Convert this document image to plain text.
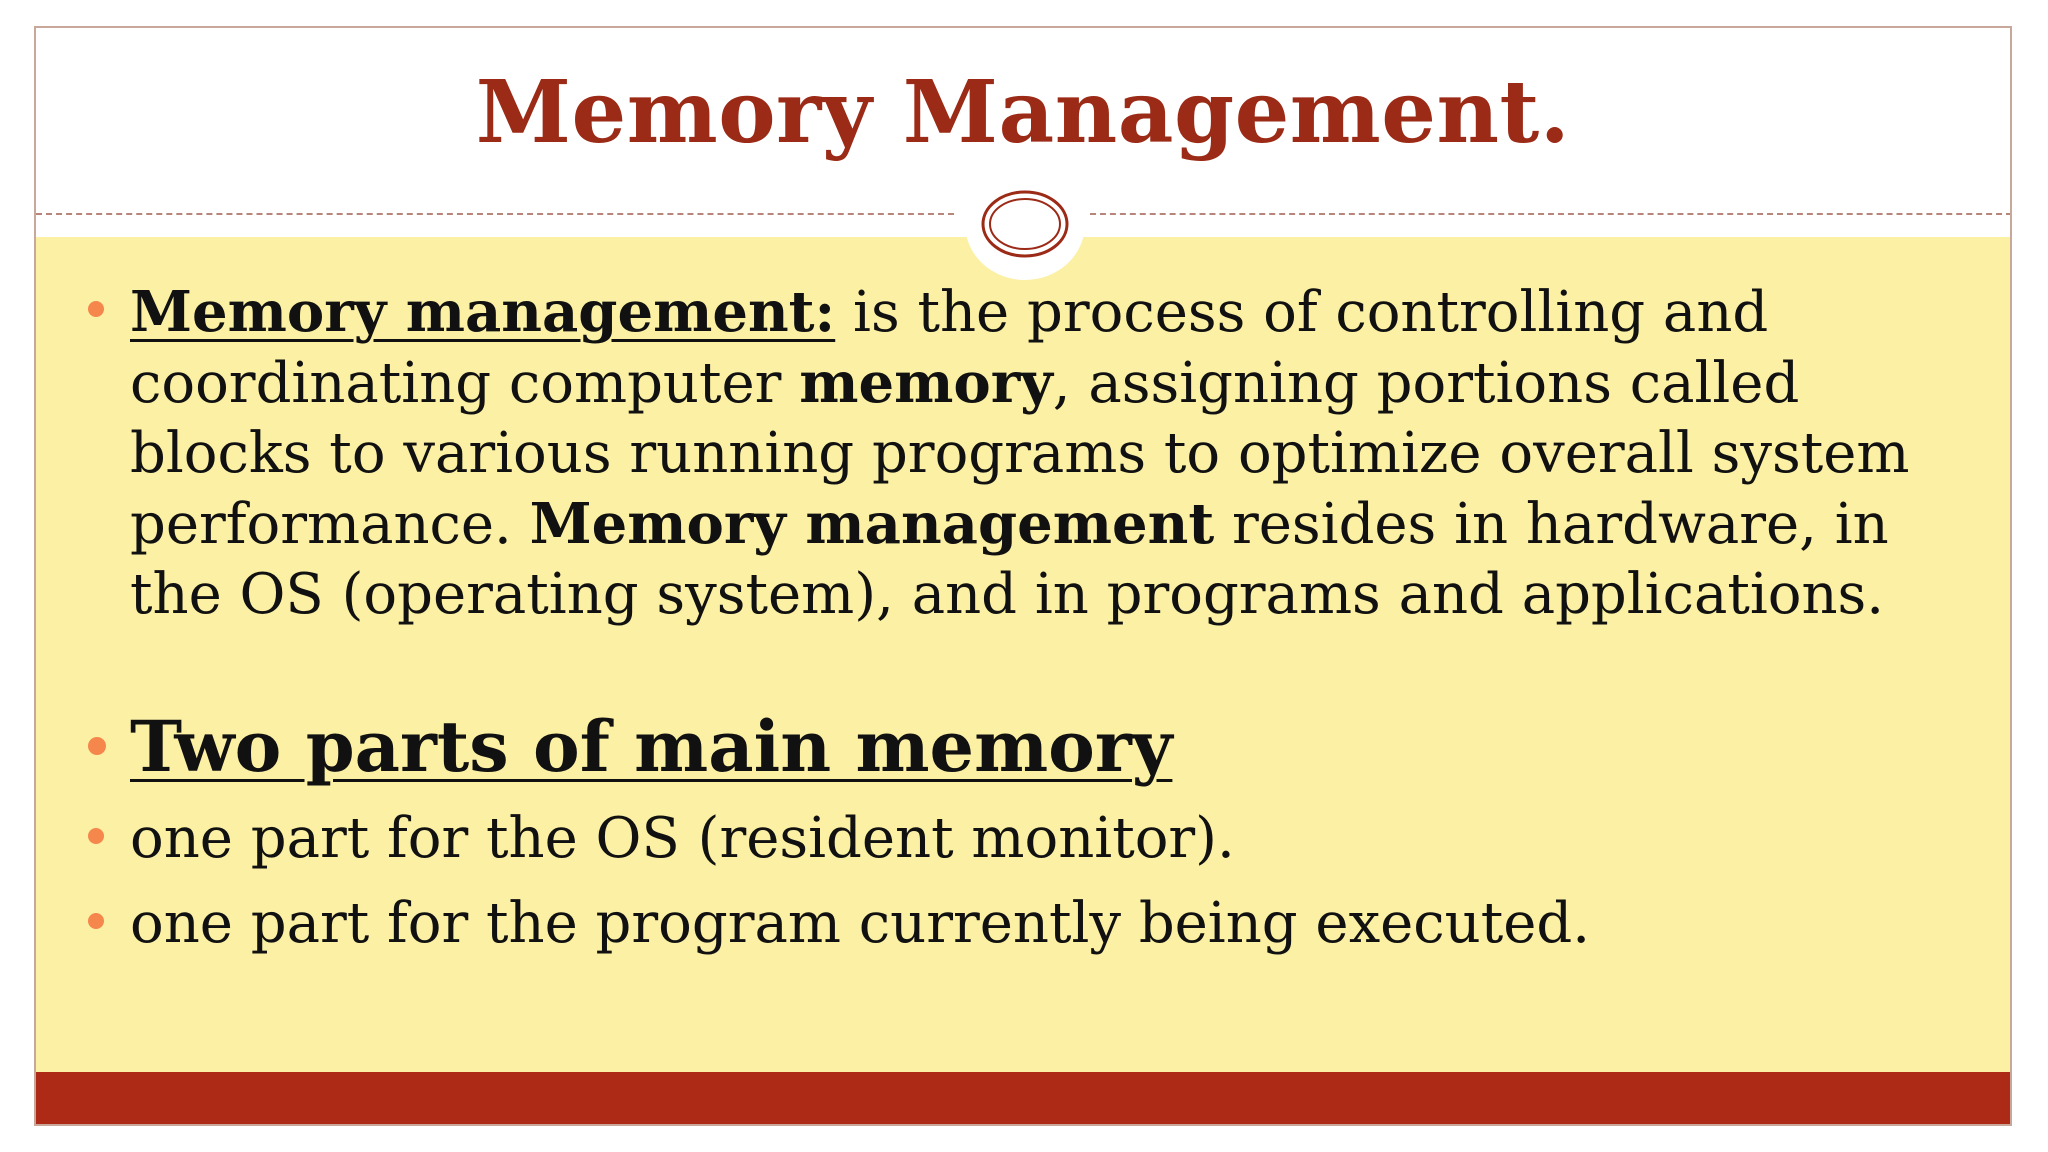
Memory Management.
Memory management: is the process of controlling and coordinating computer memory, assigning portions called blocks to various running programs to optimize overall system performance. Memory management resides in hardware, in the OS (operating system), and in programs and applications.
Two parts of main memory
one part for the OS (resident monitor).
one part for the program currently being executed.
